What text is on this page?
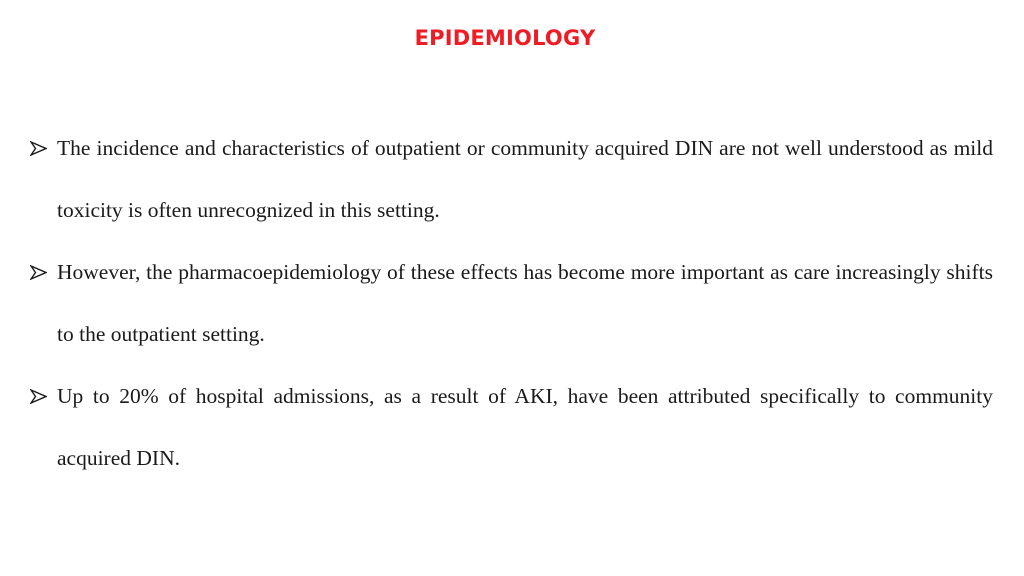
EPIDEMIOLOGY
The incidence and characteristics of outpatient or community acquired DIN are not well understood as mild toxicity is often unrecognized in this setting.
However, the pharmacoepidemiology of these effects has become more important as care increasingly shifts to the outpatient setting.
Up to 20% of hospital admissions, as a result of AKI, have been attributed specifically to community acquired DIN.
